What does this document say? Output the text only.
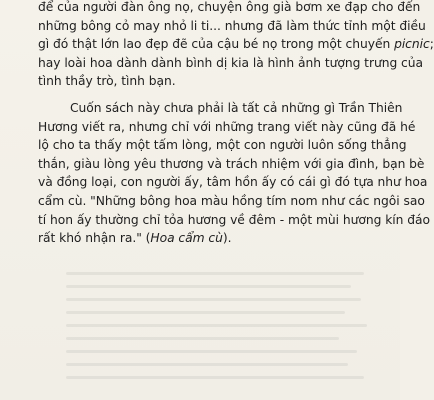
để của người đàn ông nọ, chuyện ông già bơm xe đạp cho đến
những bông cỏ may nhỏ li ti... nhưng đã làm thức tỉnh một điều
gì đó thật lớn lao đẹp đẽ của cậu bé nọ trong một chuyến picnic;
hay loài hoa dành dành bình dị kia là hình ảnh tượng trưng của
tình thầy trò, tình bạn.
Cuốn sách này chưa phải là tất cả những gì Trần Thiên
Hương viết ra, nhưng chỉ với những trang viết này cũng đã hé
lộ cho ta thấy một tấm lòng, một con người luôn sống thẳng
thắn, giàu lòng yêu thương và trách nhiệm với gia đình, bạn bè
và đồng loại, con người ấy, tâm hồn ấy có cái gì đó tựa như hoa
cẩm cù. "Những bông hoa màu hồng tím nom như các ngôi sao
tí hon ấy thường chỉ tỏa hương về đêm - một mùi hương kín đáo
rất khó nhận ra." (Hoa cẩm cù).
